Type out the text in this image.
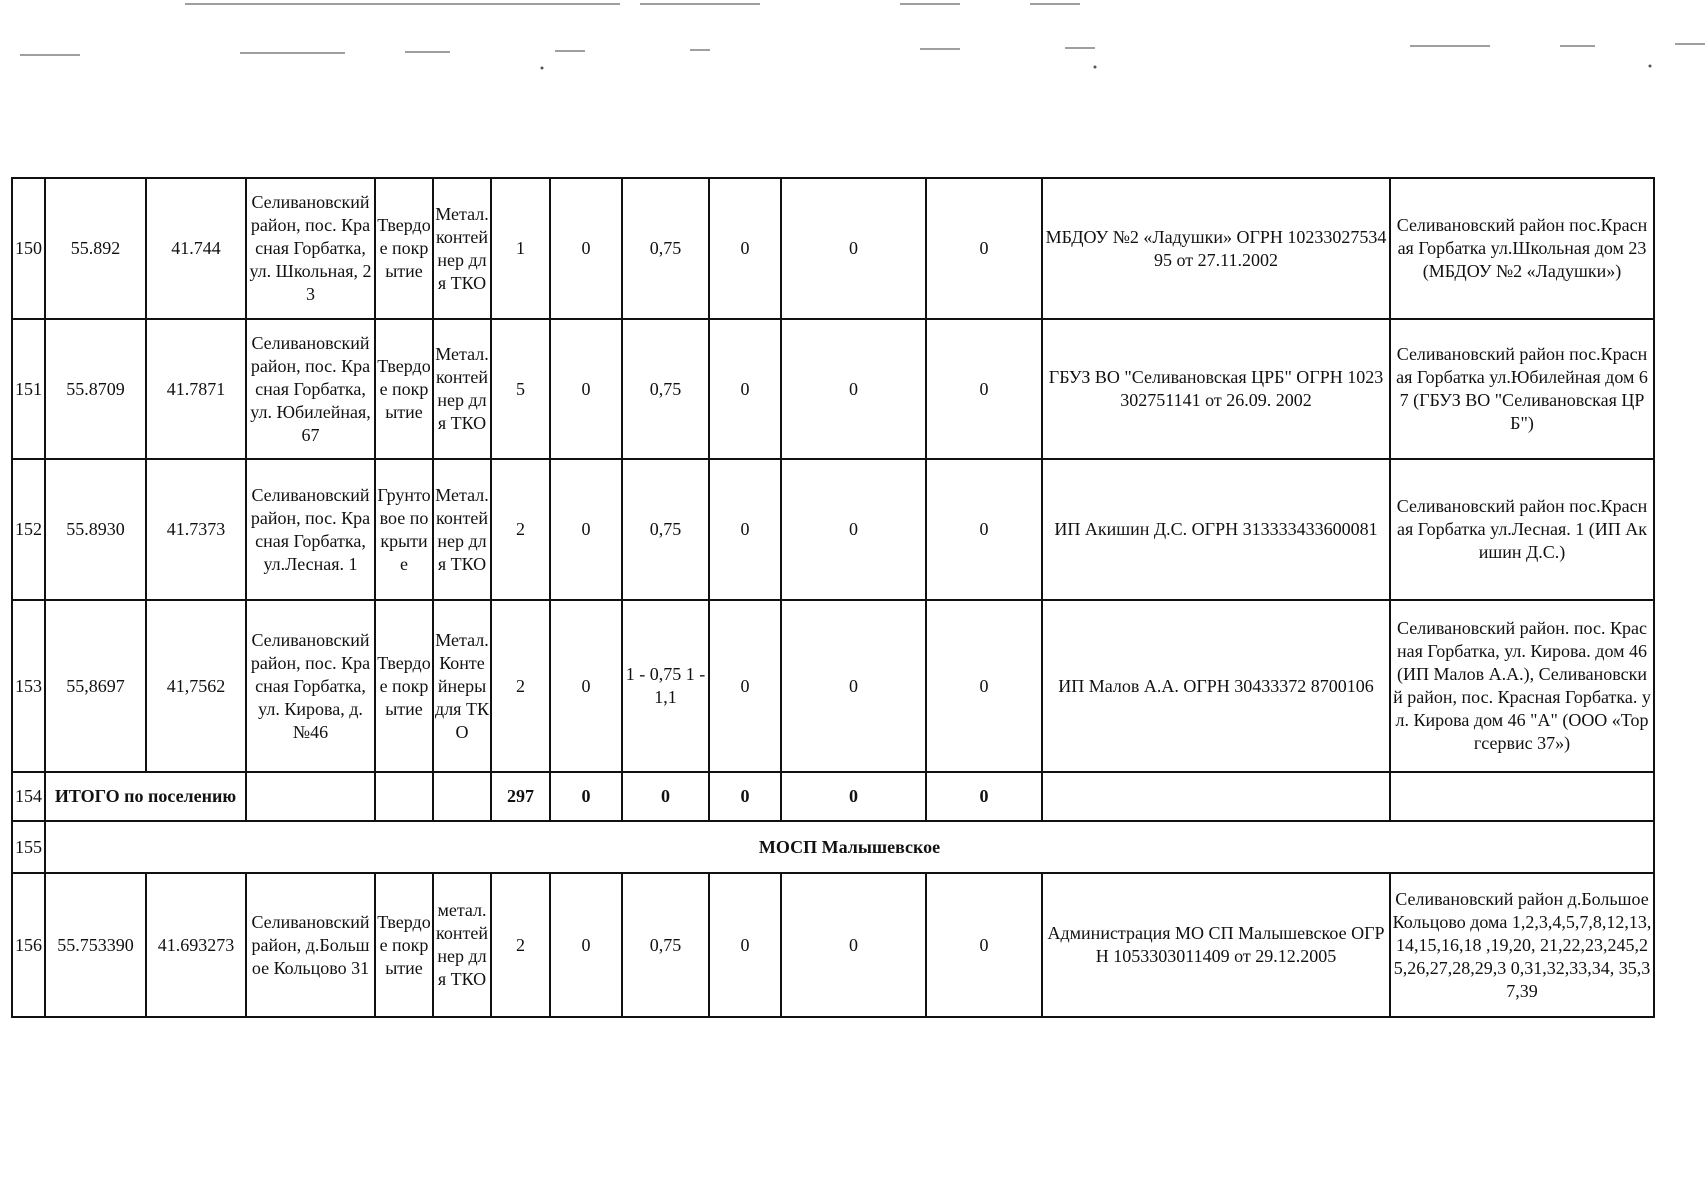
150	55.892	41.744	Селивановский район, пос. Красная Горбатка, ул. Школьная, 23	Твердое покрытие	Метал. контейнер для ТКО	1	0	0,75	0	0	0	МБДОУ №2 «Ладушки» ОГРН 1023302753495 от 27.11.2002	Селивановский район пос.Красная Горбатка ул.Школьная дом 23 (МБДОУ №2 «Ладушки»)
151	55.8709	41.7871	Селивановский район, пос. Красная Горбатка, ул. Юбилейная, 67	Твердое покрытие	Метал. контейнер для ТКО	5	0	0,75	0	0	0	ГБУЗ ВО "Селивановская ЦРБ" ОГРН 1023302751141 от 26.09. 2002	Селивановский район пос.Красная Горбатка ул.Юбилейная дом 67 (ГБУЗ ВО "Селивановская ЦРБ")
152	55.8930	41.7373	Селивановский район, пос. Красная Горбатка, ул.Лесная. 1	Грунтовое покрытие	Метал. контейнер для ТКО	2	0	0,75	0	0	0	ИП Акишин Д.С. ОГРН 313333433600081	Селивановский район пос.Красная Горбатка ул.Лесная. 1 (ИП Акишин Д.С.)
153	55,8697	41,7562	Селивановский район, пос. Красная Горбатка, ул. Кирова, д. №46	Твердое покрытие	Метал. Контейнеры для ТКО	2	0	1 - 0,75 1 - 1,1	0	0	0	ИП Малов А.А. ОГРН 30433372 8700106	Селивановский район. пос. Красная Горбатка, ул. Кирова. дом 46 (ИП Малов А.А.), Селивановский район, пос. Красная Горбатка. ул. Кирова дом 46 "А" (ООО «Торгсервис 37»)
154	ИТОГО по поселению					297	0	0	0	0	0		
155	МОСП Малышевское												
156	55.753390	41.693273	Селивановский район, д.Большое Кольцово 31	Твердое покрытие	метал. контейнер для ТКО	2	0	0,75	0	0	0	Администрация МО СП Малышевское ОГРН 1053303011409 от 29.12.2005	Селивановский район д.Большое Кольцово дома 1,2,3,4,5,7,8,12,13,14,15,16,18 ,19,20, 21,22,23,245,25,26,27,28,29,3 0,31,32,33,34, 35,37,39
